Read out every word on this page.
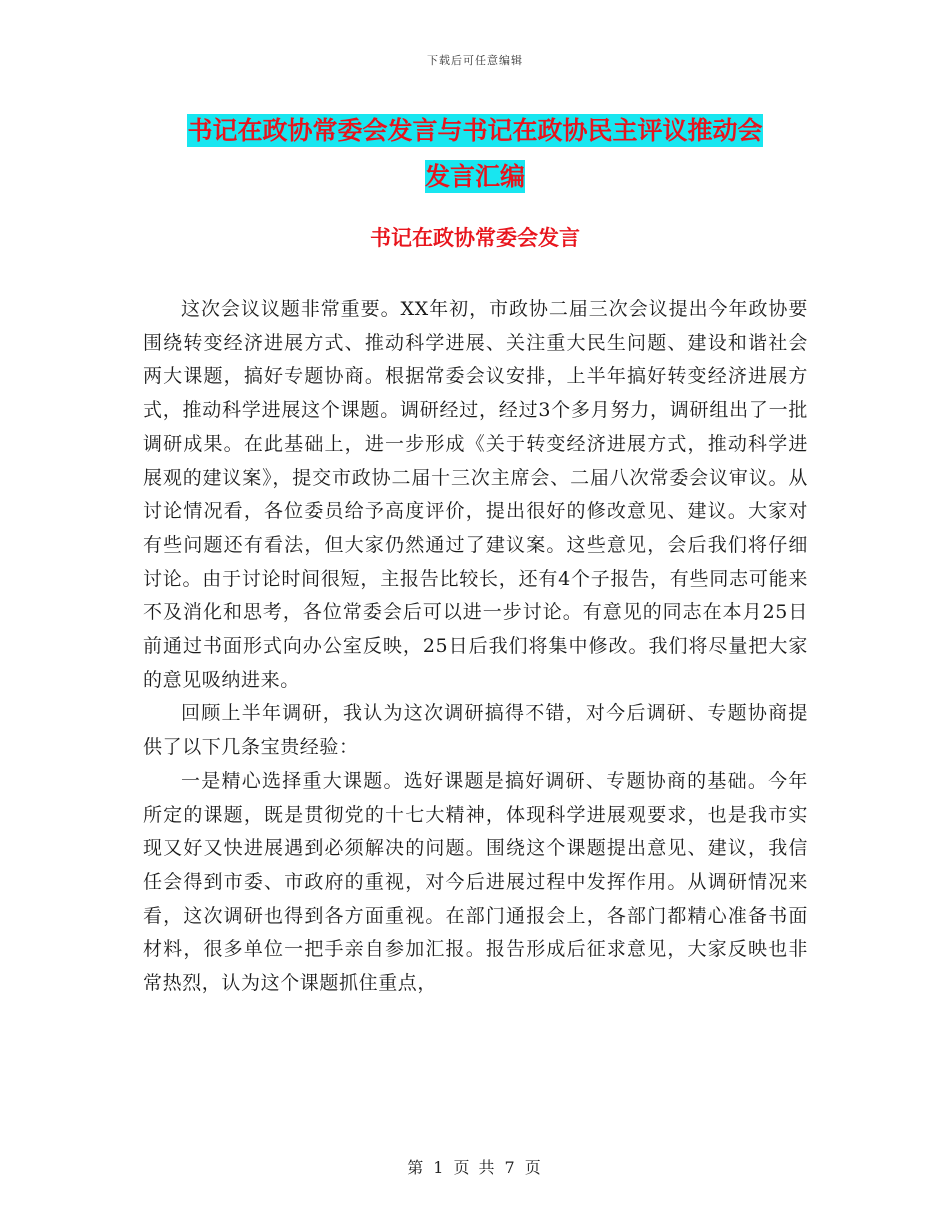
下载后可任意编辑
书记在政协常委会发言与书记在政协民主评议推动会
发言汇编
书记在政协常委会发言

这次会议议题非常重要。XX年初，市政协二届三次会议提出今年政协要围绕转变经济进展方式、推动科学进展、关注重大民生问题、建设和谐社会两大课题，搞好专题协商。根据常委会议安排，上半年搞好转变经济进展方式，推动科学进展这个课题。调研经过，经过3个多月努力，调研组出了一批调研成果。在此基础上，进一步形成《关于转变经济进展方式，推动科学进展观的建议案》，提交市政协二届十三次主席会、二届八次常委会议审议。从讨论情况看，各位委员给予高度评价，提出很好的修改意见、建议。大家对有些问题还有看法，但大家仍然通过了建议案。这些意见，会后我们将仔细讨论。由于讨论时间很短，主报告比较长，还有4个子报告，有些同志可能来不及消化和思考，各位常委会后可以进一步讨论。有意见的同志在本月25日前通过书面形式向办公室反映，25日后我们将集中修改。我们将尽量把大家的意见吸纳进来。

回顾上半年调研，我认为这次调研搞得不错，对今后调研、专题协商提供了以下几条宝贵经验：

一是精心选择重大课题。选好课题是搞好调研、专题协商的基础。今年所定的课题，既是贯彻党的十七大精神，体现科学进展观要求，也是我市实现又好又快进展遇到必须解决的问题。围绕这个课题提出意见、建议，我信任会得到市委、市政府的重视，对今后进展过程中发挥作用。从调研情况来看，这次调研也得到各方面重视。在部门通报会上，各部门都精心准备书面材料，很多单位一把手亲自参加汇报。报告形成后征求意见，大家反映也非常热烈，认为这个课题抓住重点，

第 1 页 共 7 页
